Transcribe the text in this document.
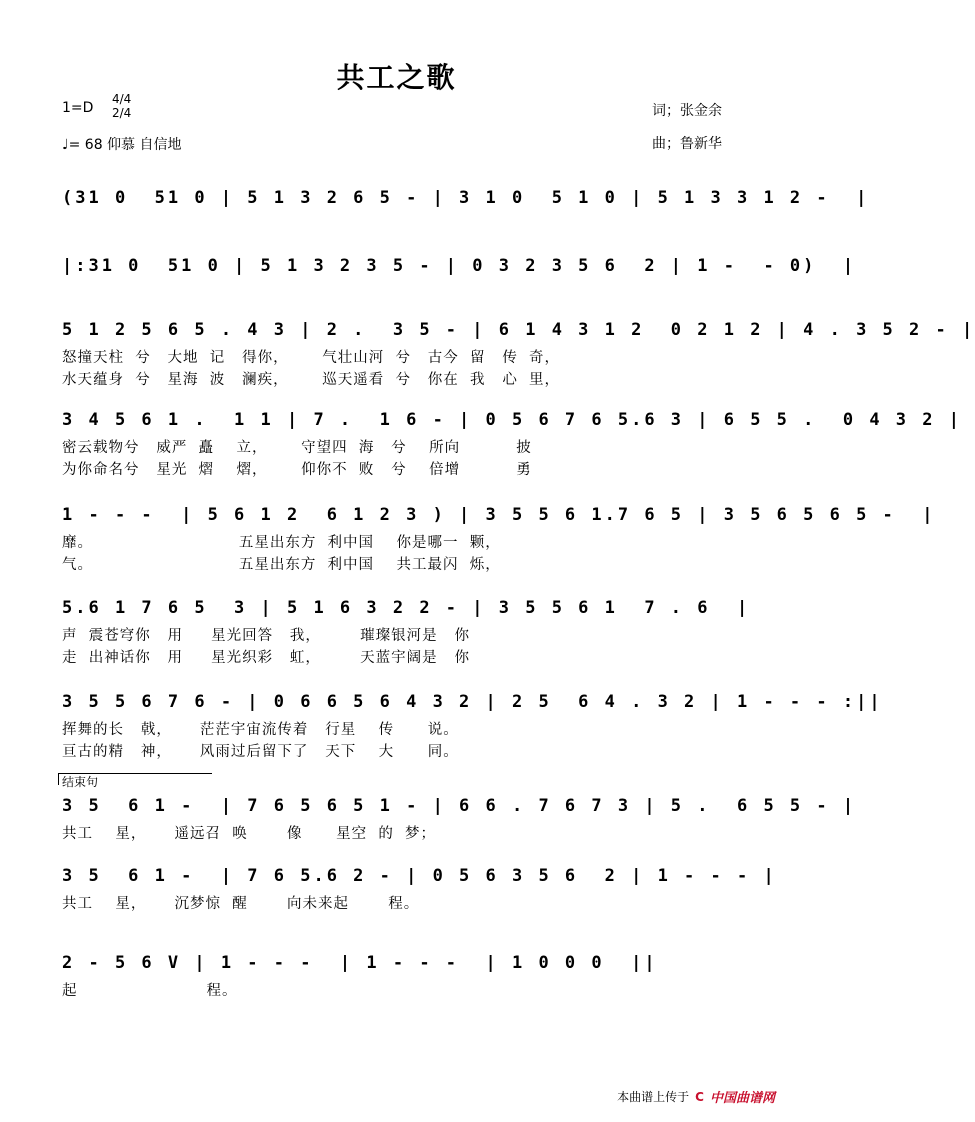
共工之歌
1=D
4/4 2/4
♩= 68 仰慕 自信地
词；张金余
曲；鲁新华
(31 0  51 0 | 5 1 3 2 6 5 - | 3 1 0  5 1 0 | 5 1 3 3 1 2 -  |
|:31 0  51 0 | 5 1 3 2 3 5 - | 0 3 2 3 5 6  2 | 1 -  - 0)  |
5 1 2 5 6 5 . 4 3 | 2 .  3 5 - | 6 1 4 3 1 2  0 2 1 2 | 4 . 3 5 2 - |
怒撞天柱  兮   大地  记   得你，      气壮山河  兮   古今  留   传  奇，
水天蕴身  兮   星海  波   澜疾，      巡天遥看  兮   你在  我   心  里，
3 4 5 6 1 .  1 1 | 7 .  1 6 - | 0 5 6 7 6 5.6 3 | 6 5 5 .  0 4 3 2 |
密云载物兮   威严  矗    立，      守望四  海   兮    所向          披
为你命名兮   星光  熠    熠，      仰你不  败   兮    倍增          勇
1 - - -  | 5 6 1 2  6 1 2 3 ) | 3 5 5 6 1.7 6 5 | 3 5 6 5 6 5 -  |
靡。                          五星出东方  利中国    你是哪一  颗，
气。                          五星出东方  利中国    共工最闪  烁，
5.6 1 7 6 5  3 | 5 1 6 3 2 2 - | 3 5 5 6 1  7 . 6  |
声  震苍穹你   用     星光回答   我，       璀璨银河是   你
走  出神话你   用     星光织彩   虹，       天蓝宇阔是   你
3 5 5 6 7 6 - | 0 6 6 5 6 4 3 2 | 2 5  6 4 . 3 2 | 1 - - - :||
挥舞的长   戟，     茫茫宇宙流传着   行星    传      说。
亘古的精   神，     风雨过后留下了   天下    大      同。
3 5  6 1 -  | 7 6 5 6 5 1 - | 6 6 . 7 6 7 3 | 5 .  6 5 5 - |
共工    星，     遥远召  唤       像      星空  的  梦；
3 5  6 1 -  | 7 6 5.6 2 - | 0 5 6 3 5 6  2 | 1 - - - |
共工    星，     沉梦惊  醒       向未来起       程。
2 - 5 6 V | 1 - - -  | 1 - - -  | 1 0 0 0  ||
起                       程。
结束句
本曲谱上传于 C 中国曲谱网
